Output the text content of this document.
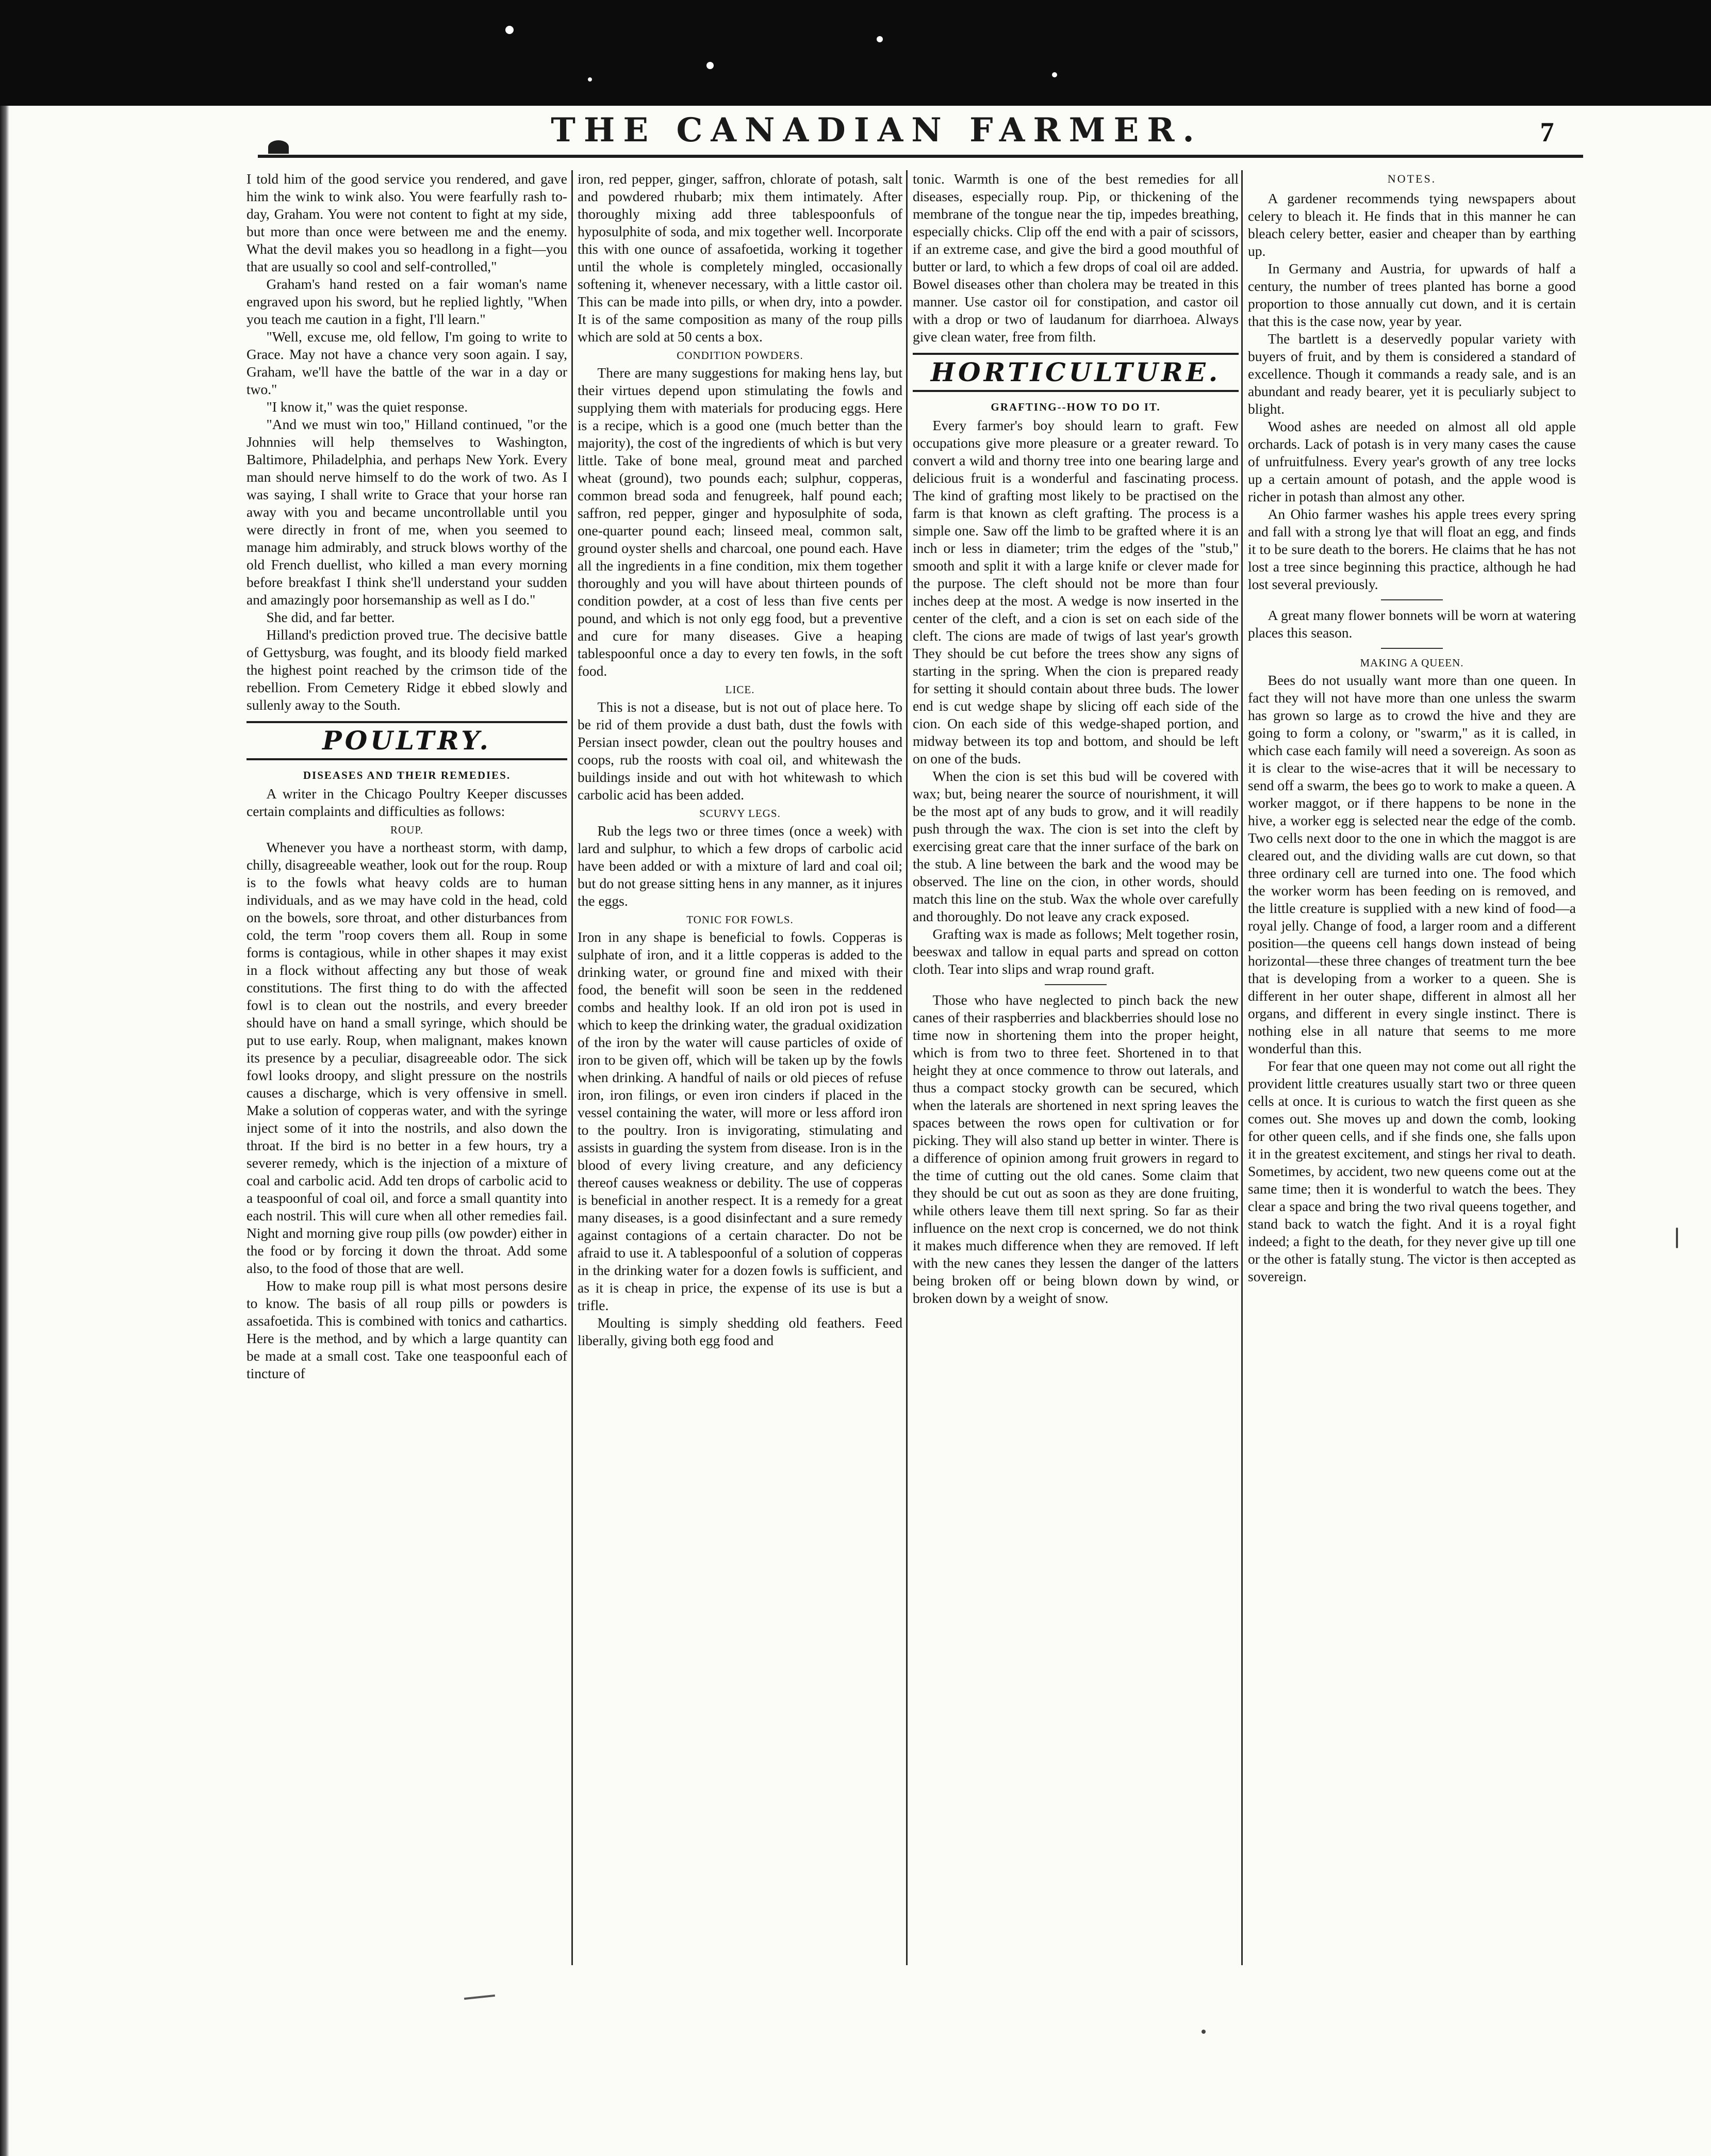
THE CANADIAN FARMER.	7

I told him of the good service you rendered, and gave him the wink to wink also. You were fearfully rash to-day, Graham. You were not content to fight at my side, but more than once were between me and the enemy. What the devil makes you so headlong in a fight—you that are usually so cool and self-controlled,"

Graham's hand rested on a fair woman's name engraved upon his sword, but he replied lightly, "When you teach me caution in a fight, I'll learn."

"Well, excuse me, old fellow, I'm going to write to Grace. May not have a chance very soon again. I say, Graham, we'll have the battle of the war in a day or two."

"I know it," was the quiet response.

"And we must win too," Hilland continued, "or the Johnnies will help themselves to Washington, Baltimore, Philadelphia, and perhaps New York. Every man should nerve himself to do the work of two. As I was saying, I shall write to Grace that your horse ran away with you and became uncontrollable until you were directly in front of me, when you seemed to manage him admirably, and struck blows worthy of the old French duellist, who killed a man every morning before breakfast I think she'll understand your sudden and amazingly poor horsemanship as well as I do."

She did, and far better.

Hilland's prediction proved true. The decisive battle of Gettysburg, was fought, and its bloody field marked the highest point reached by the crimson tide of the rebellion. From Cemetery Ridge it ebbed slowly and sullenly away to the South.

POULTRY.
DISEASES AND THEIR REMEDIES.

A writer in the Chicago Poultry Keeper discusses certain complaints and difficulties as follows:

ROUP.

Whenever you have a northeast storm, with damp, chilly, disagreeable weather, look out for the roup. Roup is to the fowls what heavy colds are to human individuals, and as we may have cold in the head, cold on the bowels, sore throat, and other disturbances from cold, the term "roop covers them all. Roup in some forms is contagious, while in other shapes it may exist in a flock without affecting any but those of weak constitutions. The first thing to do with the affected fowl is to clean out the nostrils, and every breeder should have on hand a small syringe, which should be put to use early. Roup, when malignant, makes known its presence by a peculiar, disagreeable odor. The sick fowl looks droopy, and slight pressure on the nostrils causes a discharge, which is very offensive in smell. Make a solution of copperas water, and with the syringe inject some of it into the nostrils, and also down the throat. If the bird is no better in a few hours, try a severer remedy, which is the injection of a mixture of coal and carbolic acid. Add ten drops of carbolic acid to a teaspoonful of coal oil, and force a small quantity into each nostril. This will cure when all other remedies fail. Night and morning give roup pills (ow powder) either in the food or by forcing it down the throat. Add some also, to the food of those that are well.

How to make roup pill is what most persons desire to know. The basis of all roup pills or powders is assafoetida. This is combined with tonics and cathartics. Here is the method, and by which a large quantity can be made at a small cost. Take one teaspoonful each of tincture of

iron, red pepper, ginger, saffron, chlorate of potash, salt and powdered rhubarb; mix them intimately. After thoroughly mixing add three tablespoonfuls of hyposulphite of soda, and mix together well. Incorporate this with one ounce of assafoetida, working it together until the whole is completely mingled, occasionally softening it, whenever necessary, with a little castor oil. This can be made into pills, or when dry, into a powder. It is of the same composition as many of the roup pills which are sold at 50 cents a box.

CONDITION POWDERS.

There are many suggestions for making hens lay, but their virtues depend upon stimulating the fowls and supplying them with materials for producing eggs. Here is a recipe, which is a good one (much better than the majority), the cost of the ingredients of which is but very little. Take of bone meal, ground meat and parched wheat (ground), two pounds each; sulphur, copperas, common bread soda and fenugreek, half pound each; saffron, red pepper, ginger and hyposulphite of soda, one-quarter pound each; linseed meal, common salt, ground oyster shells and charcoal, one pound each. Have all the ingredients in a fine condition, mix them together thoroughly and you will have about thirteen pounds of condition powder, at a cost of less than five cents per pound, and which is not only egg food, but a preventive and cure for many diseases. Give a heaping tablespoonful once a day to every ten fowls, in the soft food.

LICE.

This is not a disease, but is not out of place here. To be rid of them provide a dust bath, dust the fowls with Persian insect powder, clean out the poultry houses and coops, rub the roosts with coal oil, and whitewash the buildings inside and out with hot whitewash to which carbolic acid has been added.

SCURVY LEGS.

Rub the legs two or three times (once a week) with lard and sulphur, to which a few drops of carbolic acid have been added or with a mixture of lard and coal oil; but do not grease sitting hens in any manner, as it injures the eggs.

TONIC FOR FOWLS.

Iron in any shape is beneficial to fowls. Copperas is sulphate of iron, and it a little copperas is added to the drinking water, or ground fine and mixed with their food, the benefit will soon be seen in the reddened combs and healthy look. If an old iron pot is used in which to keep the drinking water, the gradual oxidization of the iron by the water will cause particles of oxide of iron to be given off, which will be taken up by the fowls when drinking. A handful of nails or old pieces of refuse iron, iron filings, or even iron cinders if placed in the vessel containing the water, will more or less afford iron to the poultry. Iron is invigorating, stimulating and assists in guarding the system from disease. Iron is in the blood of every living creature, and any deficiency thereof causes weakness or debility. The use of copperas is beneficial in another respect. It is a remedy for a great many diseases, is a good disinfectant and a sure remedy against contagions of a certain character. Do not be afraid to use it. A tablespoonful of a solution of copperas in the drinking water for a dozen fowls is sufficient, and as it is cheap in price, the expense of its use is but a trifle.

Moulting is simply shedding old feathers. Feed liberally, giving both egg food and

tonic. Warmth is one of the best remedies for all diseases, especially roup. Pip, or thickening of the membrane of the tongue near the tip, impedes breathing, especially chicks. Clip off the end with a pair of scissors, if an extreme case, and give the bird a good mouthful of butter or lard, to which a few drops of coal oil are added. Bowel diseases other than cholera may be treated in this manner. Use castor oil for constipation, and castor oil with a drop or two of laudanum for diarrhoea. Always give clean water, free from filth.

HORTICULTURE.
GRAFTING--HOW TO DO IT.

Every farmer's boy should learn to graft. Few occupations give more pleasure or a greater reward. To convert a wild and thorny tree into one bearing large and delicious fruit is a wonderful and fascinating process. The kind of grafting most likely to be practised on the farm is that known as cleft grafting. The process is a simple one. Saw off the limb to be grafted where it is an inch or less in diameter; trim the edges of the "stub," smooth and split it with a large knife or clever made for the purpose. The cleft should not be more than four inches deep at the most. A wedge is now inserted in the center of the cleft, and a cion is set on each side of the cleft. The cions are made of twigs of last year's growth They should be cut before the trees show any signs of starting in the spring. When the cion is prepared ready for setting it should contain about three buds. The lower end is cut wedge shape by slicing off each side of the cion. On each side of this wedge-shaped portion, and midway between its top and bottom, and should be left on one of the buds.

When the cion is set this bud will be covered with wax; but, being nearer the source of nourishment, it will be the most apt of any buds to grow, and it will readily push through the wax. The cion is set into the cleft by exercising great care that the inner surface of the bark on the stub. A line between the bark and the wood may be observed. The line on the cion, in other words, should match this line on the stub. Wax the whole over carefully and thoroughly. Do not leave any crack exposed.

Grafting wax is made as follows; Melt together rosin, beeswax and tallow in equal parts and spread on cotton cloth. Tear into slips and wrap round graft.

Those who have neglected to pinch back the new canes of their raspberries and blackberries should lose no time now in shortening them into the proper height, which is from two to three feet. Shortened in to that height they at once commence to throw out laterals, and thus a compact stocky growth can be secured, which when the laterals are shortened in next spring leaves the spaces between the rows open for cultivation or for picking. They will also stand up better in winter. There is a difference of opinion among fruit growers in regard to the time of cutting out the old canes. Some claim that they should be cut out as soon as they are done fruiting, while others leave them till next spring. So far as their influence on the next crop is concerned, we do not think it makes much difference when they are removed. If left with the new canes they lessen the danger of the latters being broken off or being blown down by wind, or broken down by a weight of snow.

NOTES.

A gardener recommends tying newspapers about celery to bleach it. He finds that in this manner he can bleach celery better, easier and cheaper than by earthing up.

In Germany and Austria, for upwards of half a century, the number of trees planted has borne a good proportion to those annually cut down, and it is certain that this is the case now, year by year.

The bartlett is a deservedly popular variety with buyers of fruit, and by them is considered a standard of excellence. Though it commands a ready sale, and is an abundant and ready bearer, yet it is peculiarly subject to blight.

Wood ashes are needed on almost all old apple orchards. Lack of potash is in very many cases the cause of unfruitfulness. Every year's growth of any tree locks up a certain amount of potash, and the apple wood is richer in potash than almost any other.

An Ohio farmer washes his apple trees every spring and fall with a strong lye that will float an egg, and finds it to be sure death to the borers. He claims that he has not lost a tree since beginning this practice, although he had lost several previously.

A great many flower bonnets will be worn at watering places this season.

MAKING A QUEEN.

Bees do not usually want more than one queen. In fact they will not have more than one unless the swarm has grown so large as to crowd the hive and they are going to form a colony, or "swarm," as it is called, in which case each family will need a sovereign. As soon as it is clear to the wise-acres that it will be necessary to send off a swarm, the bees go to work to make a queen. A worker maggot, or if there happens to be none in the hive, a worker egg is selected near the edge of the comb. Two cells next door to the one in which the maggot is are cleared out, and the dividing walls are cut down, so that three ordinary cell are turned into one. The food which the worker worm has been feeding on is removed, and the little creature is supplied with a new kind of food—a royal jelly. Change of food, a larger room and a different position—the queens cell hangs down instead of being horizontal—these three changes of treatment turn the bee that is developing from a worker to a queen. She is different in her outer shape, different in almost all her organs, and different in every single instinct. There is nothing else in all nature that seems to me more wonderful than this.

For fear that one queen may not come out all right the provident little creatures usually start two or three queen cells at once. It is curious to watch the first queen as she comes out. She moves up and down the comb, looking for other queen cells, and if she finds one, she falls upon it in the greatest excitement, and stings her rival to death. Sometimes, by accident, two new queens come out at the same time; then it is wonderful to watch the bees. They clear a space and bring the two rival queens together, and stand back to watch the fight. And it is a royal fight indeed; a fight to the death, for they never give up till one or the other is fatally stung. The victor is then accepted as sovereign.
